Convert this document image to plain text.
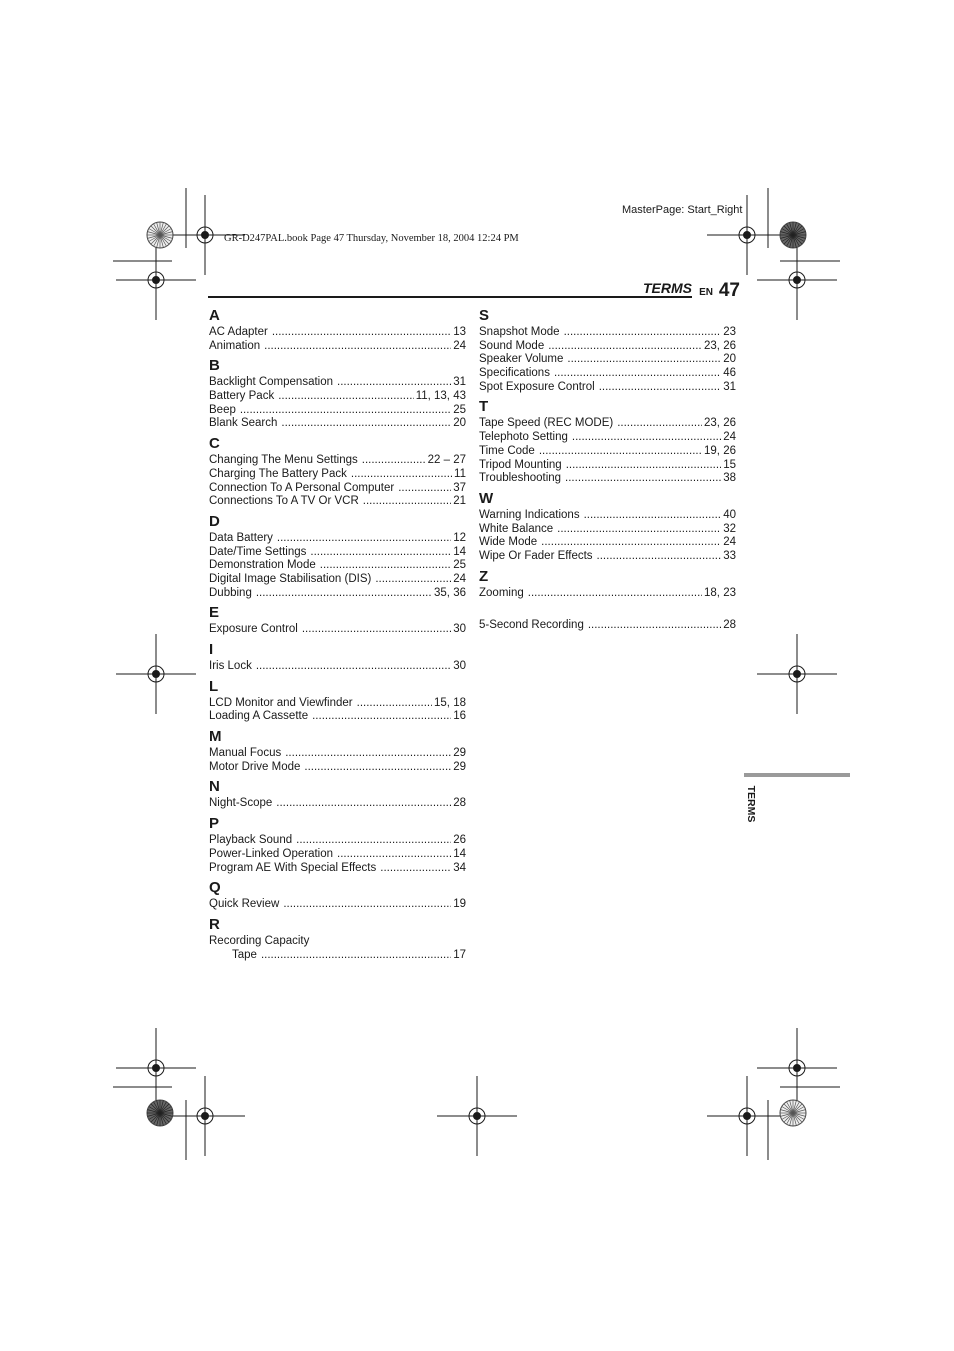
MasterPage: Start_Right
GR-D247PAL.book Page 47 Thursday, November 18, 2004 12:24 PM
TERMS EN 47
A
AC Adapter .....	13
Animation .....	24
B
Backlight Compensation .....	31
Battery Pack .....	11, 13, 43
Beep .....	25
Blank Search .....	20
C
Changing The Menu Settings .....	22 – 27
Charging The Battery Pack .....	11
Connection To A Personal Computer .....	37
Connections To A TV Or VCR .....	21
D
Data Battery .....	12
Date/Time Settings .....	14
Demonstration Mode .....	25
Digital Image Stabilisation (DIS) .....	24
Dubbing .....	35, 36
E
Exposure Control .....	30
I
Iris Lock .....	30
L
LCD Monitor and Viewfinder .....	15, 18
Loading A Cassette .....	16
M
Manual Focus .....	29
Motor Drive Mode .....	29
N
Night-Scope .....	28
P
Playback Sound .....	26
Power-Linked Operation .....	14
Program AE With Special Effects .....	34
Q
Quick Review .....	19
R
Recording Capacity
Tape .....	17
S
Snapshot Mode .....	23
Sound Mode .....	23, 26
Speaker Volume .....	20
Specifications .....	46
Spot Exposure Control .....	31
T
Tape Speed (REC MODE) .....	23, 26
Telephoto Setting .....	24
Time Code .....	19, 26
Tripod Mounting .....	15
Troubleshooting .....	38
W
Warning Indications .....	40
White Balance .....	32
Wide Mode .....	24
Wipe Or Fader Effects .....	33
Z
Zooming .....	18, 23
5-Second Recording .....	28
TERMS
